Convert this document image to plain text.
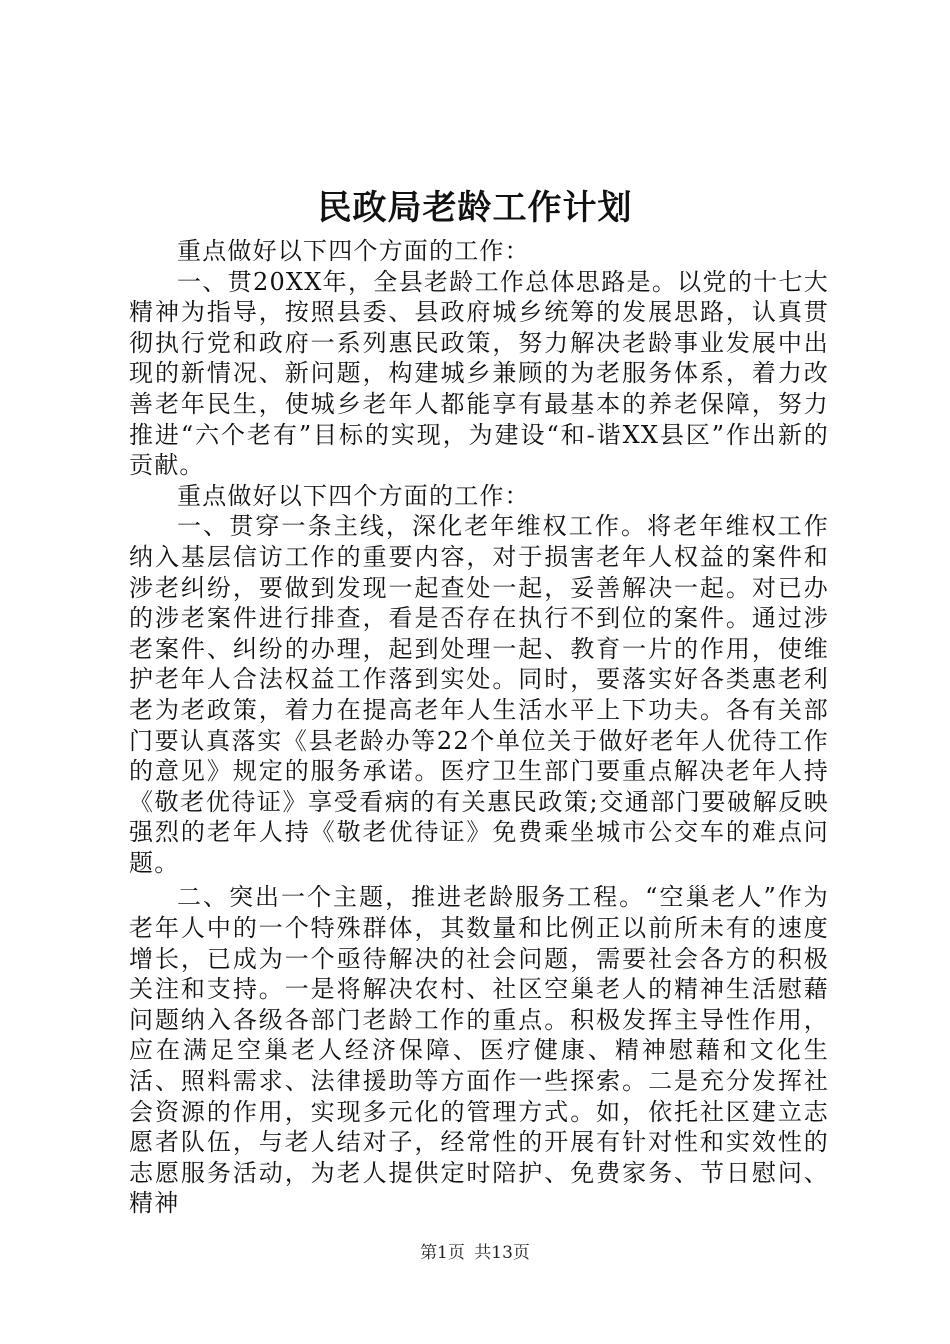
民政局老龄工作计划

重点做好以下四个方面的工作：

一、贯20XX年，全县老龄工作总体思路是。以党的十七大精神为指导，按照县委、县政府城乡统筹的发展思路，认真贯彻执行党和政府一系列惠民政策，努力解决老龄事业发展中出现的新情况、新问题，构建城乡兼顾的为老服务体系，着力改善老年民生，使城乡老年人都能享有最基本的养老保障，努力推进“六个老有”目标的实现，为建设“和-谐XX县区”作出新的贡献。

重点做好以下四个方面的工作：

一、贯穿一条主线，深化老年维权工作。将老年维权工作纳入基层信访工作的重要内容，对于损害老年人权益的案件和涉老纠纷，要做到发现一起查处一起，妥善解决一起。对已办的涉老案件进行排查，看是否存在执行不到位的案件。通过涉老案件、纠纷的办理，起到处理一起、教育一片的作用，使维护老年人合法权益工作落到实处。同时，要落实好各类惠老利老为老政策，着力在提高老年人生活水平上下功夫。各有关部门要认真落实《县老龄办等22个单位关于做好老年人优待工作的意见》规定的服务承诺。医疗卫生部门要重点解决老年人持《敬老优待证》享受看病的有关惠民政策;交通部门要破解反映强烈的老年人持《敬老优待证》免费乘坐城市公交车的难点问题。

二、突出一个主题，推进老龄服务工程。“空巢老人”作为老年人中的一个特殊群体，其数量和比例正以前所未有的速度增长，已成为一个亟待解决的社会问题，需要社会各方的积极关注和支持。一是将解决农村、社区空巢老人的精神生活慰藉问题纳入各级各部门老龄工作的重点。积极发挥主导性作用，应在满足空巢老人经济保障、医疗健康、精神慰藉和文化生活、照料需求、法律援助等方面作一些探索。二是充分发挥社会资源的作用，实现多元化的管理方式。如，依托社区建立志愿者队伍，与老人结对子，经常性的开展有针对性和实效性的志愿服务活动，为老人提供定时陪护、免费家务、节日慰问、精神

第1页 共13页
